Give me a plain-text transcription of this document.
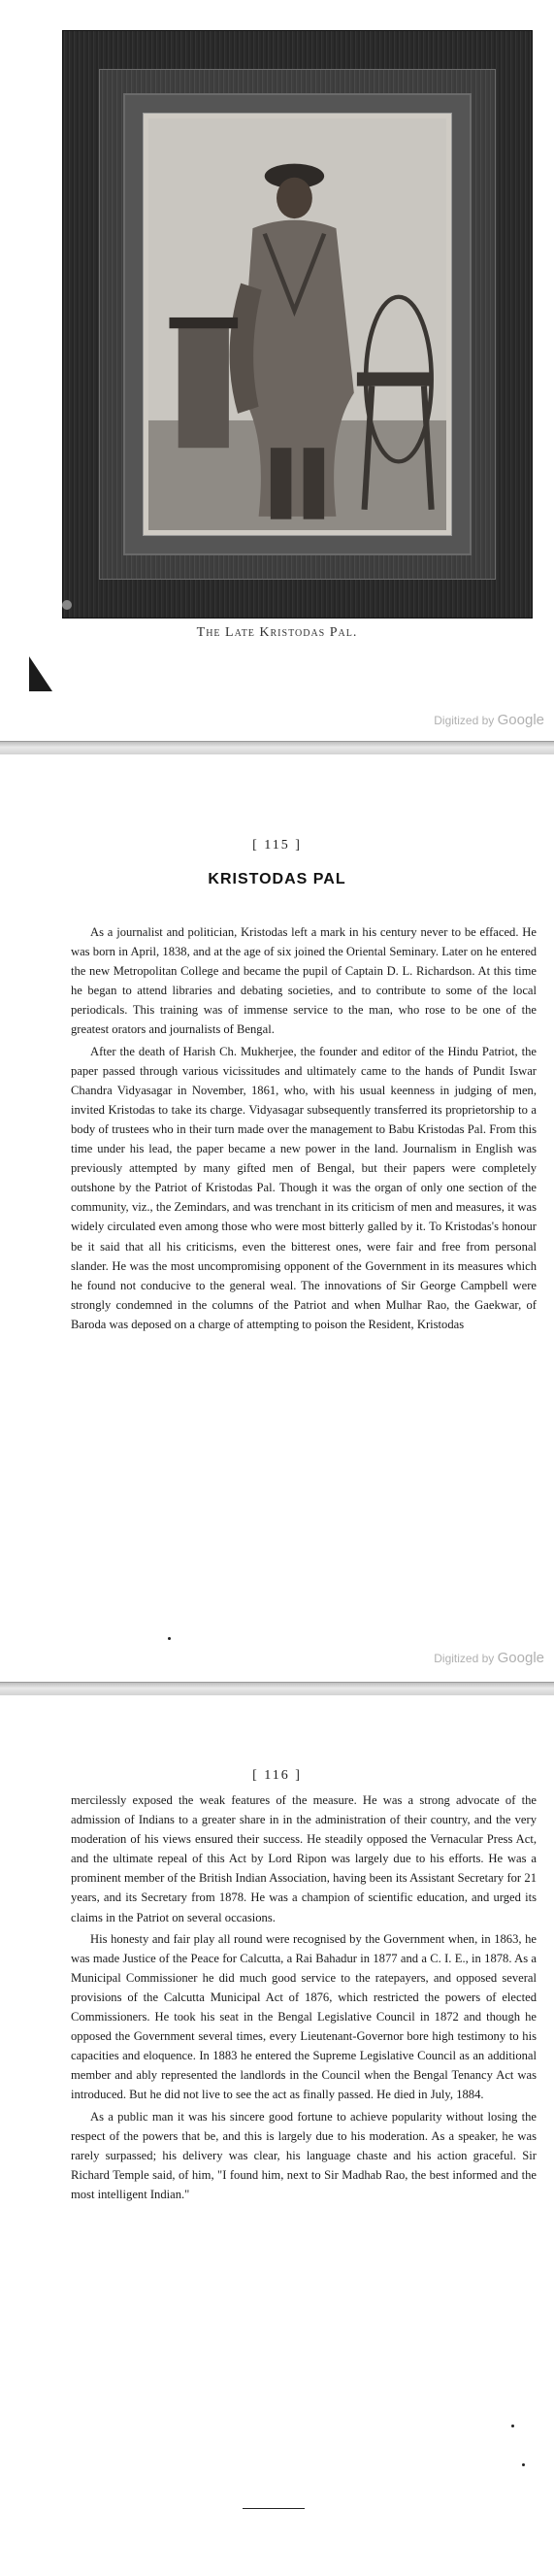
The Late Kristodas Pal.
Digitized by Google
[ 115 ]
KRISTODAS PAL

As a journalist and politician, Kristodas left a mark in his century never to be effaced. He was born in April, 1838, and at the age of six joined the Oriental Seminary. Later on he entered the new Metropolitan College and became the pupil of Captain D. L. Richardson. At this time he began to attend libraries and debating societies, and to contribute to some of the local periodicals. This training was of immense service to the man, who rose to be one of the greatest orators and journalists of Bengal.

After the death of Harish Ch. Mukherjee, the founder and editor of the Hindu Patriot, the paper passed through various vicissitudes and ultimately came to the hands of Pundit Iswar Chandra Vidyasagar in November, 1861, who, with his usual keenness in judging of men, invited Kristodas to take its charge. Vidyasagar subsequently transferred its proprietorship to a body of trustees who in their turn made over the management to Babu Kristodas Pal. From this time under his lead, the paper became a new power in the land. Journalism in English was previously attempted by many gifted men of Bengal, but their papers were completely outshone by the Patriot of Kristodas Pal. Though it was the organ of only one section of the community, viz., the Zemindars, and was trenchant in its criticism of men and measures, it was widely circulated even among those who were most bitterly galled by it. To Kristodas's honour be it said that all his criticisms, even the bitterest ones, were fair and free from personal slander. He was the most uncompromising opponent of the Government in its measures which he found not conducive to the general weal. The innovations of Sir George Campbell were strongly condemned in the columns of the Patriot and when Mulhar Rao, the Gaekwar, of Baroda was deposed on a charge of attempting to poison the Resident, Kristodas

Digitized by Google
[ 116 ]

mercilessly exposed the weak features of the measure. He was a strong advocate of the admission of Indians to a greater share in in the administration of their country, and the very moderation of his views ensured their success. He steadily opposed the Vernacular Press Act, and the ultimate repeal of this Act by Lord Ripon was largely due to his efforts. He was a prominent member of the British Indian Association, having been its Assistant Secretary for 21 years, and its Secretary from 1878. He was a champion of scientific education, and urged its claims in the Patriot on several occasions.

His honesty and fair play all round were recognised by the Government when, in 1863, he was made Justice of the Peace for Calcutta, a Rai Bahadur in 1877 and a C. I. E., in 1878. As a Municipal Commissioner he did much good service to the ratepayers, and opposed several provisions of the Calcutta Municipal Act of 1876, which restricted the powers of elected Commissioners. He took his seat in the Bengal Legislative Council in 1872 and though he opposed the Government several times, every Lieutenant-Governor bore high testimony to his capacities and eloquence. In 1883 he entered the Supreme Legislative Council as an additional member and ably represented the landlords in the Council when the Bengal Tenancy Act was introduced. But he did not live to see the act as finally passed. He died in July, 1884.

As a public man it was his sincere good fortune to achieve popularity without losing the respect of the powers that be, and this is largely due to his moderation. As a speaker, he was rarely surpassed; his delivery was clear, his language chaste and his action graceful. Sir Richard Temple said, of him, "I found him, next to Sir Madhab Rao, the best informed and the most intelligent Indian."
